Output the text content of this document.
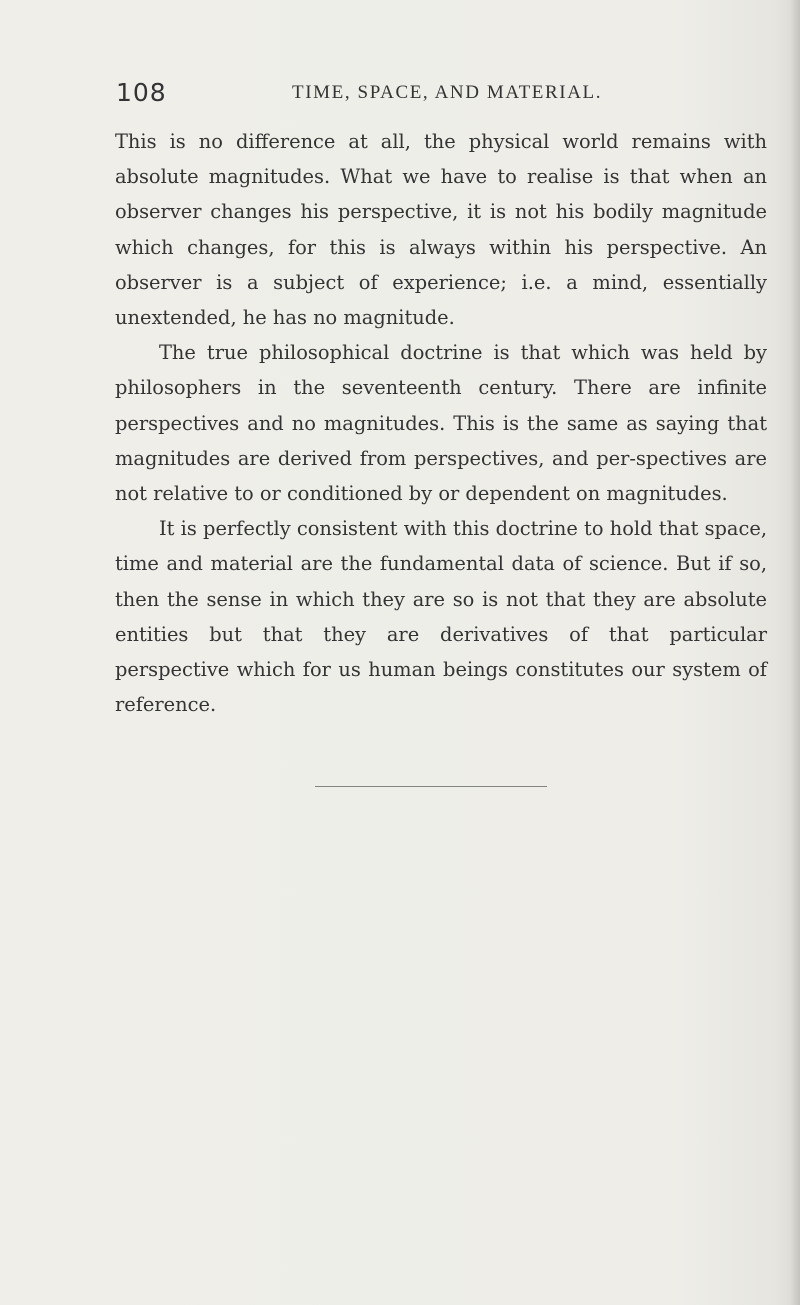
108	TIME, SPACE, AND MATERIAL.

This is no difference at all, the physical world remains with absolute magnitudes. What we have to realise is that when an observer changes his perspective, it is not his bodily magnitude which changes, for this is always within his perspective. An observer is a subject of experience; i.e. a mind, essentially unextended, he has no magnitude.

The true philosophical doctrine is that which was held by philosophers in the seventeenth century. There are infinite perspectives and no magnitudes. This is the same as saying that magnitudes are derived from perspectives, and per-spectives are not relative to or conditioned by or dependent on magnitudes.

It is perfectly consistent with this doctrine to hold that space, time and material are the fundamental data of science. But if so, then the sense in which they are so is not that they are absolute entities but that they are derivatives of that particular perspective which for us human beings constitutes our system of reference.
